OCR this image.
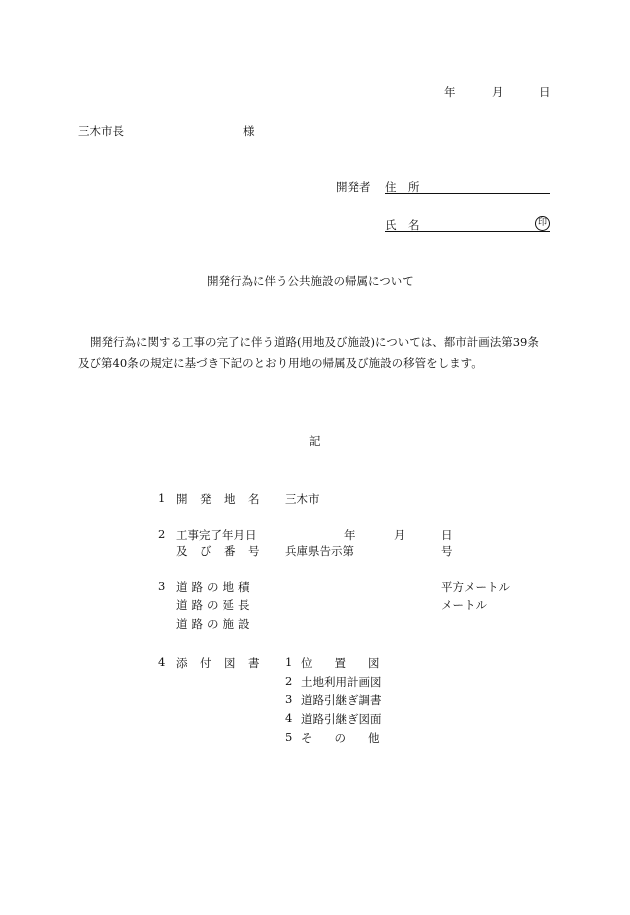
年	月	日
三木市長	様
開発者 住　所
氏　名	印
開発行為に伴う公共施設の帰属について
開発行為に関する工事の完了に伴う道路(用地及び施設)については、都市計画法第39条
及び第40条の規定に基づき下記のとおり用地の帰属及び施設の移管をします。
記
1 開発地名 三木市
2 工事完了年月日	年	月	日
及び番号 兵庫県告示第	号
3 道路の地積	平方メートル
道路の延長	メートル
道路の施設
4 添付図書 1 位置図
2 土地利用計画図
3 道路引継ぎ調書
4 道路引継ぎ図面
5 その他
